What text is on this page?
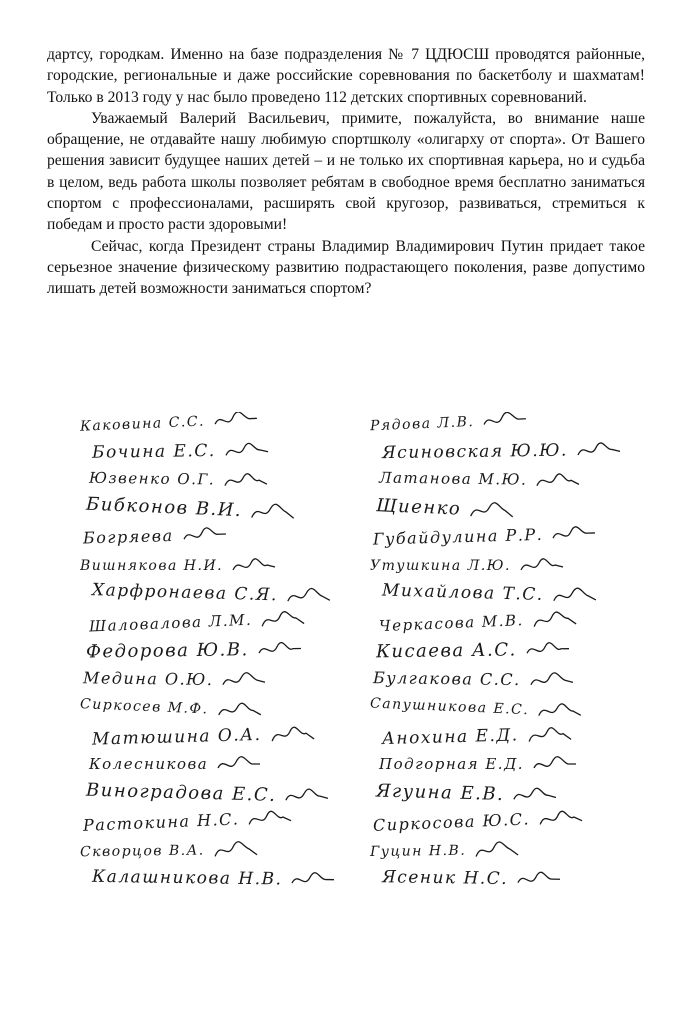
дартсу, городкам. Именно на базе подразделения № 7 ЦДЮСШ проводятся районные, городские, региональные и даже российские соревнования по баскетболу и шахматам! Только в 2013 году у нас было проведено 112 детских спортивных соревнований.

Уважаемый Валерий Васильевич, примите, пожалуйста, во внимание наше обращение, не отдавайте нашу любимую спортшколу «олигарху от спорта». От Вашего решения зависит будущее наших детей – и не только их спортивная карьера, но и судьба в целом, ведь работа школы позволяет ребятам в свободное время бесплатно заниматься спортом с профессионалами, расширять свой кругозор, развиваться, стремиться к победам и просто расти здоровыми!

Сейчас, когда Президент страны Владимир Владимирович Путин придает такое серьезное значение физическому развитию подрастающего поколения, разве допустимо лишать детей возможности заниматься спортом?

Каковина С.С.
Бочина Е.С.
Юзвенко О.Г.
Бибконов В.И.
Богряева
Вишнякова Н.И.
Харфронаева С.Я.
Шаловалова Л.М.
Федорова Ю.В.
Медина О.Ю.
Сиркосев М.Ф.
Матюшина О.А.
Колесникова
Виноградова Е.С.
Растокина Н.С.
Скворцов В.А.
Калашникова Н.В.
Рядова Л.В.
Ясиновская Ю.Ю.
Латанова М.Ю.
Щиенко
Губайдулина Р.Р.
Утушкина Л.Ю.
Михайлова Т.С.
Черкасова М.В.
Кисаева А.С.
Булгакова С.С.
Сапушникова Е.С.
Анохина Е.Д.
Подгорная Е.Д.
Ягуина Е.В.
Сиркосова Ю.С.
Гуцин Н.В.
Ясеник Н.С.
